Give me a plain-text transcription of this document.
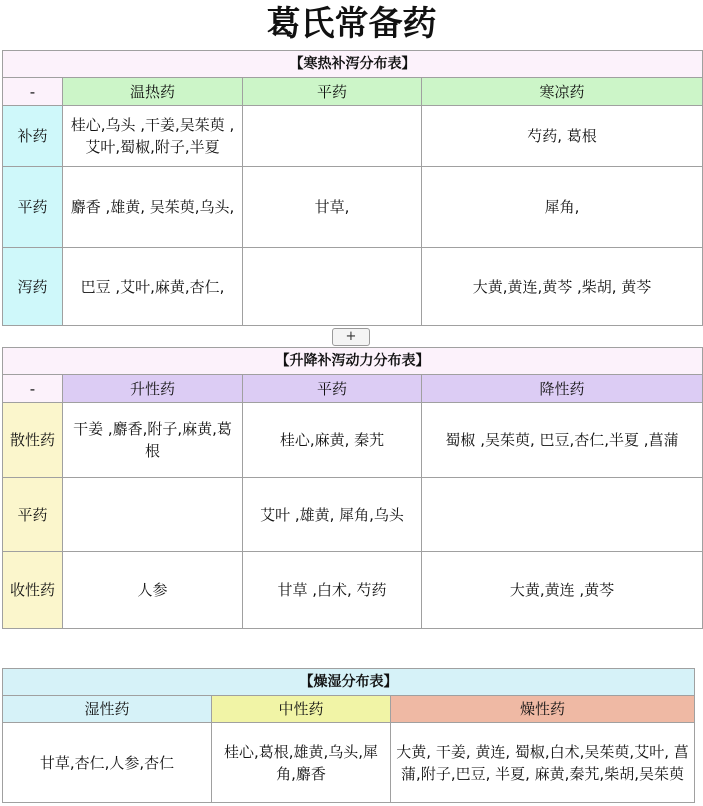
葛氏常备药
【寒热补泻分布表】			
-	温热药	平药	寒凉药
补药	桂心,乌头 ,干姜,吴茱萸 ,艾叶,蜀椒,附子,半夏		芍药, 葛根
平药	麝香 ,雄黄, 吴茱萸,乌头,	甘草,	犀角,
泻药	巴豆 ,艾叶,麻黄,杏仁,		大黄,黄连,黄芩 ,柴胡, 黄芩
+
【升降补泻动力分布表】			
-	升性药	平药	降性药
散性药	干姜 ,麝香,附子,麻黄,葛根	桂心,麻黄, 秦艽	蜀椒 ,吴茱萸, 巴豆,杏仁,半夏 ,菖蒲
平药		艾叶 ,雄黄, 犀角,乌头	
收性药	人参	甘草 ,白术, 芍药	大黄,黄连 ,黄芩
【燥湿分布表】		
湿性药	中性药	燥性药
甘草,杏仁,人参,杏仁	桂心,葛根,雄黄,乌头,犀角,麝香	大黄, 干姜, 黄连, 蜀椒,白术,吴茱萸,艾叶, 菖蒲,附子,巴豆, 半夏, 麻黄,秦艽,柴胡,吴茱萸
